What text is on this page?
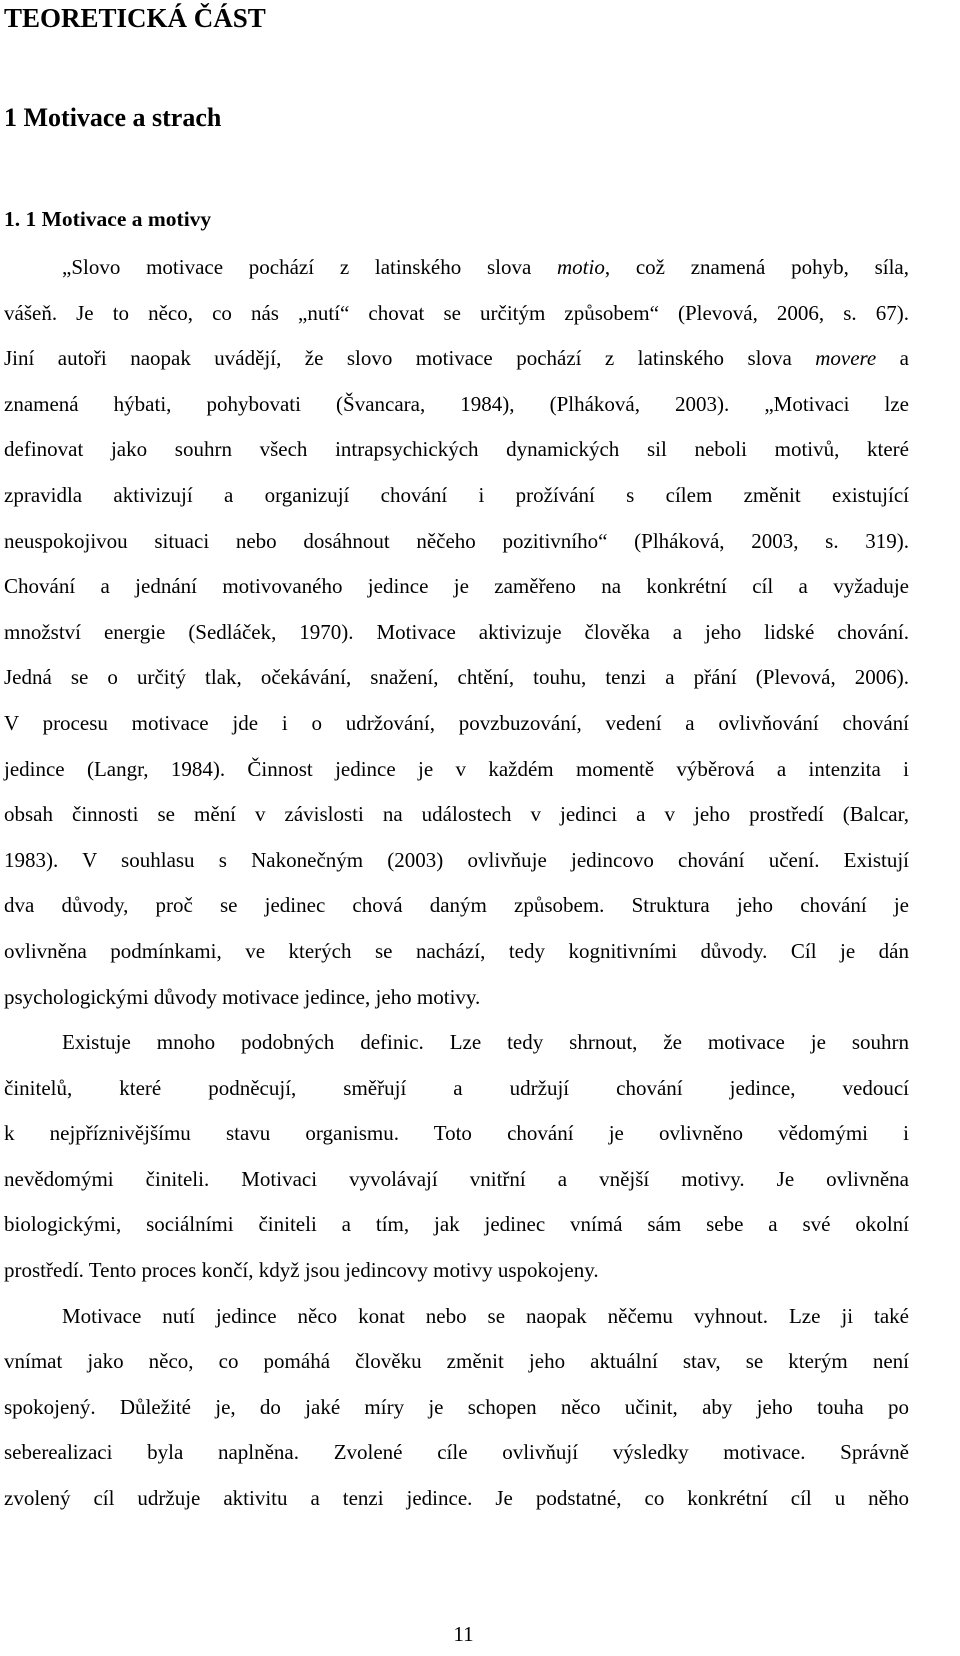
TEORETICKÁ ČÁST
1 Motivace a strach
1. 1 Motivace a motivy
„Slovo motivace pochází z latinského slova motio, což znamená pohyb, síla,
vášeň. Je to něco, co nás „nutí“ chovat se určitým způsobem“ (Plevová, 2006, s. 67).
Jiní autoři naopak uvádějí, že slovo motivace pochází z latinského slova movere a
znamená hýbati, pohybovati (Švancara, 1984), (Plháková, 2003). „Motivaci lze
definovat jako souhrn všech intrapsychických dynamických sil neboli motivů, které
zpravidla aktivizují a organizují chování i prožívání s cílem změnit existující
neuspokojivou situaci nebo dosáhnout něčeho pozitivního“ (Plháková, 2003, s. 319).
Chování a jednání motivovaného jedince je zaměřeno na konkrétní cíl a vyžaduje
množství energie (Sedláček, 1970). Motivace aktivizuje člověka a jeho lidské chování.
Jedná se o určitý tlak, očekávání, snažení, chtění, touhu, tenzi a přání (Plevová, 2006).
V procesu motivace jde i o udržování, povzbuzování, vedení a ovlivňování chování
jedince (Langr, 1984). Činnost jedince je v každém momentě výběrová a intenzita i
obsah činnosti se mění v závislosti na událostech v jedinci a v jeho prostředí (Balcar,
1983). V souhlasu s Nakonečným (2003) ovlivňuje jedincovo chování učení. Existují
dva důvody, proč se jedinec chová daným způsobem. Struktura jeho chování je
ovlivněna podmínkami, ve kterých se nachází, tedy kognitivními důvody. Cíl je dán
psychologickými důvody motivace jedince, jeho motivy.
Existuje mnoho podobných definic. Lze tedy shrnout, že motivace je souhrn
činitelů, které podněcují, směřují a udržují chování jedince, vedoucí
k nejpříznivějšímu stavu organismu. Toto chování je ovlivněno vědomými i
nevědomými činiteli. Motivaci vyvolávají vnitřní a vnější motivy. Je ovlivněna
biologickými, sociálními činiteli a tím, jak jedinec vnímá sám sebe a své okolní
prostředí. Tento proces končí, když jsou jedincovy motivy uspokojeny.
Motivace nutí jedince něco konat nebo se naopak něčemu vyhnout. Lze ji také
vnímat jako něco, co pomáhá člověku změnit jeho aktuální stav, se kterým není
spokojený. Důležité je, do jaké míry je schopen něco učinit, aby jeho touha po
seberealizaci byla naplněna. Zvolené cíle ovlivňují výsledky motivace. Správně
zvolený cíl udržuje aktivitu a tenzi jedince. Je podstatné, co konkrétní cíl u něho
11
